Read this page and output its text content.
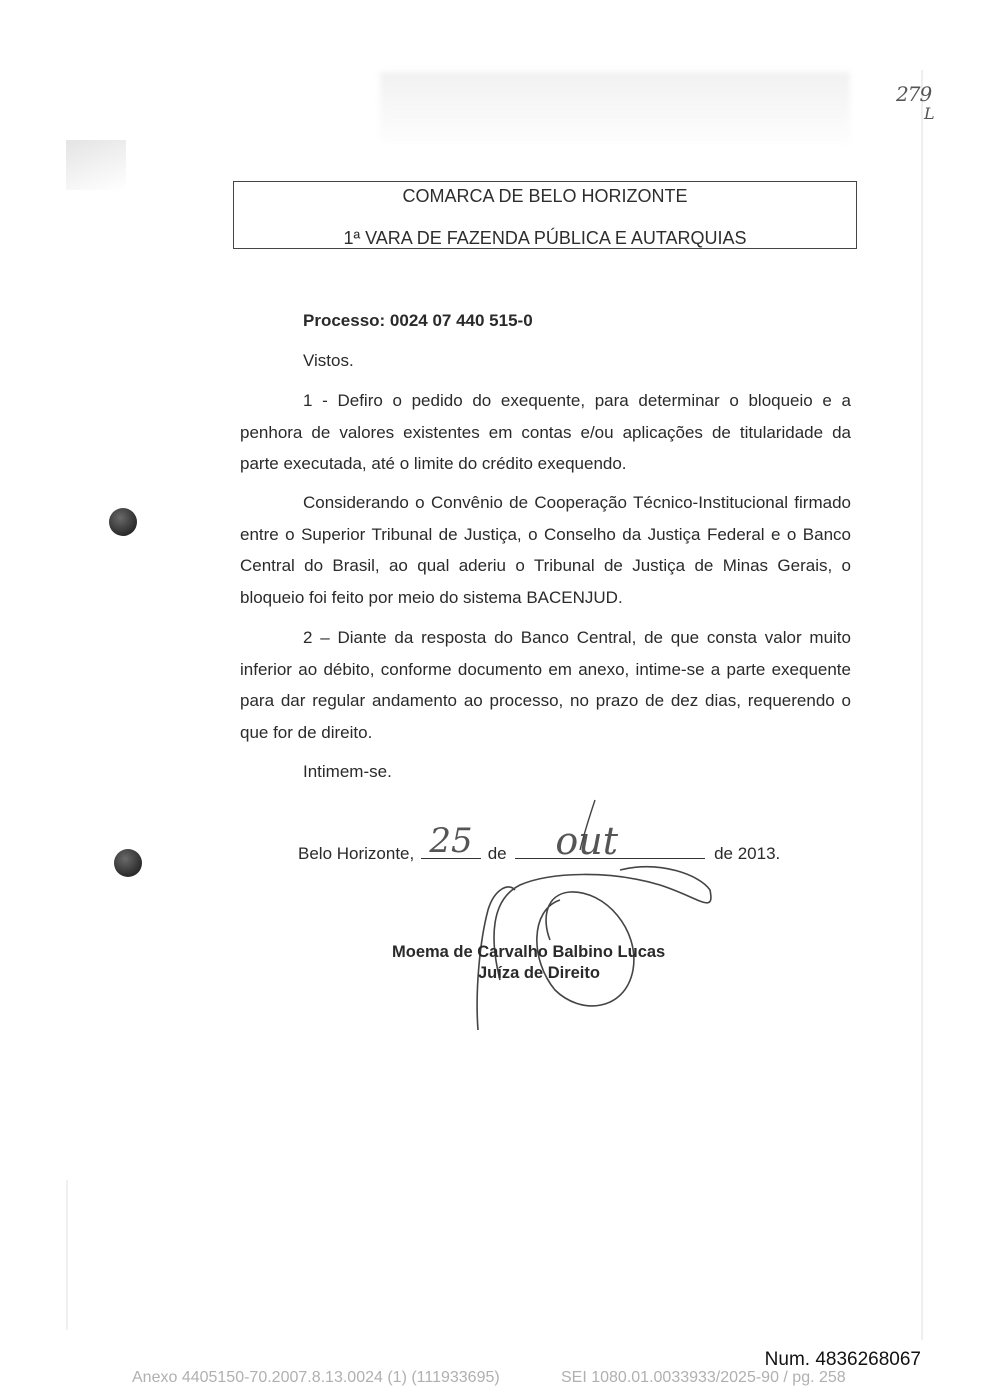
279
L
COMARCA DE BELO HORIZONTE
1ª VARA DE FAZENDA PÚBLICA E AUTARQUIAS
Processo: 0024 07 440 515-0
Vistos.
1 - Defiro o pedido do exequente, para determinar o bloqueio e a penhora de valores existentes em contas e/ou aplicações de titularidade da parte executada, até o limite do crédito exequendo.
Considerando o Convênio de Cooperação Técnico-Institucional firmado entre o Superior Tribunal de Justiça, o Conselho da Justiça Federal e o Banco Central do Brasil, ao qual aderiu o Tribunal de Justiça de Minas Gerais, o bloqueio foi feito por meio do sistema BACENJUD.
2 – Diante da resposta do Banco Central, de que consta valor muito inferior ao débito, conforme documento em anexo, intime-se a parte exequente para dar regular andamento ao processo, no prazo de dez dias, requerendo o que for de direito.
Intimem-se.
Belo Horizonte, 25 de out	de 2013.
Moema de Carvalho Balbino Lucas
Juíza de Direito
Num. 4836268067
Anexo 4405150-70.2007.8.13.0024 (1) (111933695)	SEI 1080.01.0033933/2025-90 / pg. 258
